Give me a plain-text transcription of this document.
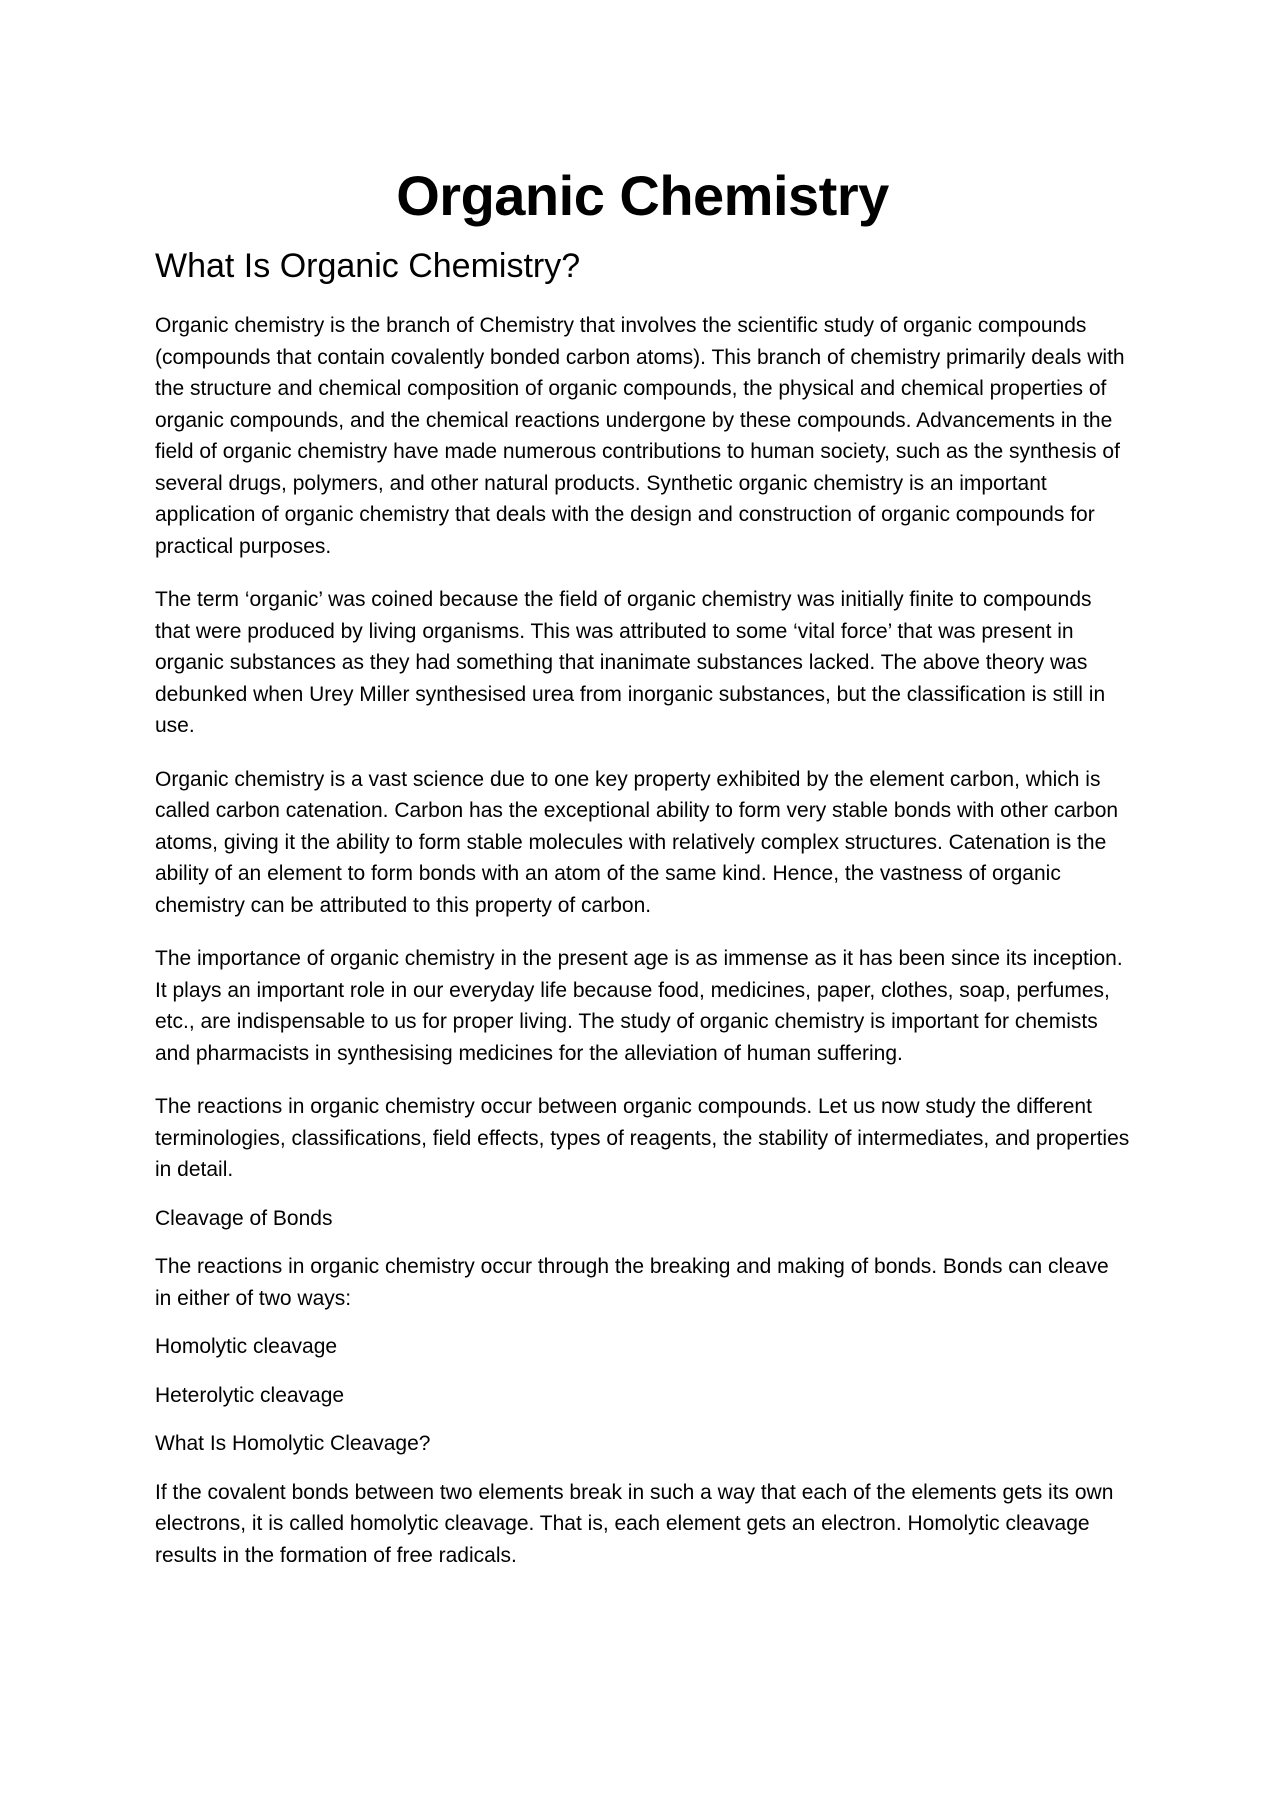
Organic Chemistry
What Is Organic Chemistry?

Organic chemistry is the branch of Chemistry that involves the scientific study of organic compounds (compounds that contain covalently bonded carbon atoms). This branch of chemistry primarily deals with the structure and chemical composition of organic compounds, the physical and chemical properties of organic compounds, and the chemical reactions undergone by these compounds. Advancements in the field of organic chemistry have made numerous contributions to human society, such as the synthesis of several drugs, polymers, and other natural products. Synthetic organic chemistry is an important application of organic chemistry that deals with the design and construction of organic compounds for practical purposes.

The term ‘organic’ was coined because the field of organic chemistry was initially finite to compounds that were produced by living organisms. This was attributed to some ‘vital force’ that was present in organic substances as they had something that inanimate substances lacked. The above theory was debunked when Urey Miller synthesised urea from inorganic substances, but the classification is still in use.

Organic chemistry is a vast science due to one key property exhibited by the element carbon, which is called carbon catenation. Carbon has the exceptional ability to form very stable bonds with other carbon atoms, giving it the ability to form stable molecules with relatively complex structures. Catenation is the ability of an element to form bonds with an atom of the same kind. Hence, the vastness of organic chemistry can be attributed to this property of carbon.

The importance of organic chemistry in the present age is as immense as it has been since its inception. It plays an important role in our everyday life because food, medicines, paper, clothes, soap, perfumes, etc., are indispensable to us for proper living. The study of organic chemistry is important for chemists and pharmacists in synthesising medicines for the alleviation of human suffering.

The reactions in organic chemistry occur between organic compounds. Let us now study the different terminologies, classifications, field effects, types of reagents, the stability of intermediates, and properties in detail.

Cleavage of Bonds

The reactions in organic chemistry occur through the breaking and making of bonds. Bonds can cleave in either of two ways:

Homolytic cleavage

Heterolytic cleavage

What Is Homolytic Cleavage?

If the covalent bonds between two elements break in such a way that each of the elements gets its own electrons, it is called homolytic cleavage. That is, each element gets an electron. Homolytic cleavage results in the formation of free radicals.
